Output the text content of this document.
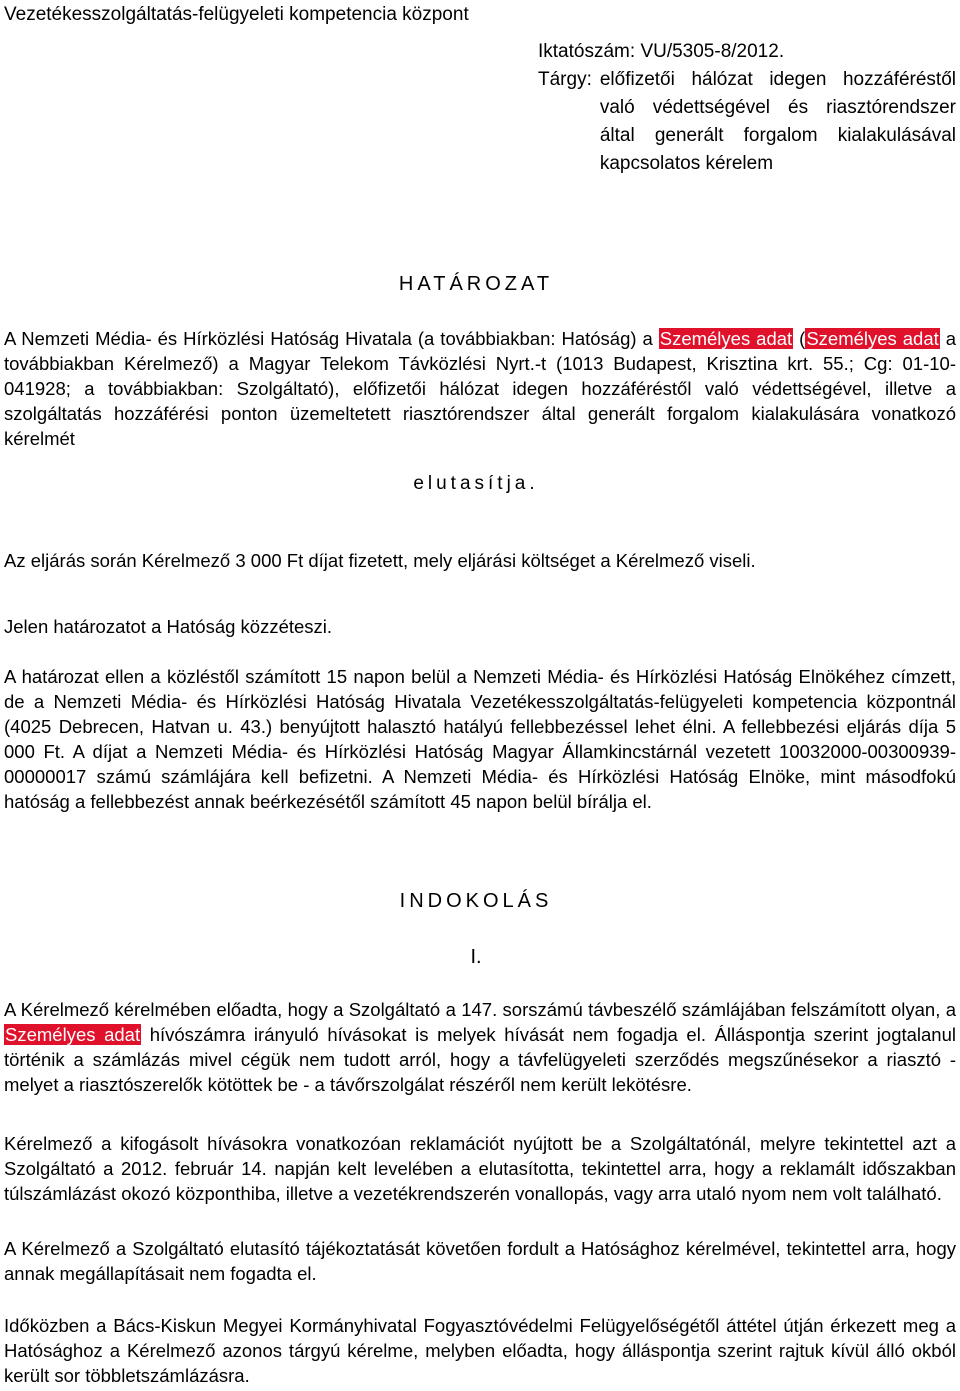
Vezetékesszolgáltatás-felügyeleti kompetencia központ
Iktatószám: VU/5305-8/2012.
Tárgy: előfizetői hálózat idegen hozzáféréstől való védettségével és riasztórendszer által generált forgalom kialakulásával kapcsolatos kérelem
HATÁROZAT
A Nemzeti Média- és Hírközlési Hatóság Hivatala (a továbbiakban: Hatóság) a Személyes adat (Személyes adat a továbbiakban Kérelmező) a Magyar Telekom Távközlési Nyrt.-t (1013 Budapest, Krisztina krt. 55.; Cg: 01-10-041928; a továbbiakban: Szolgáltató), előfizetői hálózat idegen hozzáféréstől való védettségével, illetve a szolgáltatás hozzáférési ponton üzemeltetett riasztórendszer által generált forgalom kialakulására vonatkozó kérelmét
elutasítja.
Az eljárás során Kérelmező 3 000 Ft díjat fizetett, mely eljárási költséget a Kérelmező viseli.
Jelen határozatot a Hatóság közzéteszi.
A határozat ellen a közléstől számított 15 napon belül a Nemzeti Média- és Hírközlési Hatóság Elnökéhez címzett, de a Nemzeti Média- és Hírközlési Hatóság Hivatala Vezetékesszolgáltatás-felügyeleti kompetencia központnál (4025 Debrecen, Hatvan u. 43.) benyújtott halasztó hatályú fellebbezéssel lehet élni. A fellebbezési eljárás díja 5 000 Ft. A díjat a Nemzeti Média- és Hírközlési Hatóság Magyar Államkincstárnál vezetett 10032000-00300939-00000017 számú számlájára kell befizetni. A Nemzeti Média- és Hírközlési Hatóság Elnöke, mint másodfokú hatóság a fellebbezést annak beérkezésétől számított 45 napon belül bírálja el.
INDOKOLÁS
I.
A Kérelmező kérelmében előadta, hogy a Szolgáltató a 147. sorszámú távbeszélő számlájában felszámított olyan, a Személyes adat hívószámra irányuló hívásokat is melyek hívását nem fogadja el. Álláspontja szerint jogtalanul történik a számlázás mivel cégük nem tudott arról, hogy a távfelügyeleti szerződés megszűnésekor a riasztó - melyet a riasztószerelők kötöttek be - a távőrszolgálat részéről nem került lekötésre.
Kérelmező a kifogásolt hívásokra vonatkozóan reklamációt nyújtott be a Szolgáltatónál, melyre tekintettel azt a Szolgáltató a 2012. február 14. napján kelt levelében a elutasította, tekintettel arra, hogy a reklamált időszakban túlszámlázást okozó központhiba, illetve a vezetékrendszerén vonallopás, vagy arra utaló nyom nem volt található.
A Kérelmező a Szolgáltató elutasító tájékoztatását követően fordult a Hatósághoz kérelmével, tekintettel arra, hogy annak megállapításait nem fogadta el.
Időközben a Bács-Kiskun Megyei Kormányhivatal Fogyasztóvédelmi Felügyelőségétől áttétel útján érkezett meg a Hatósághoz a Kérelmező azonos tárgyú kérelme, melyben előadta, hogy álláspontja szerint rajtuk kívül álló okból került sor többletszámlázásra.
